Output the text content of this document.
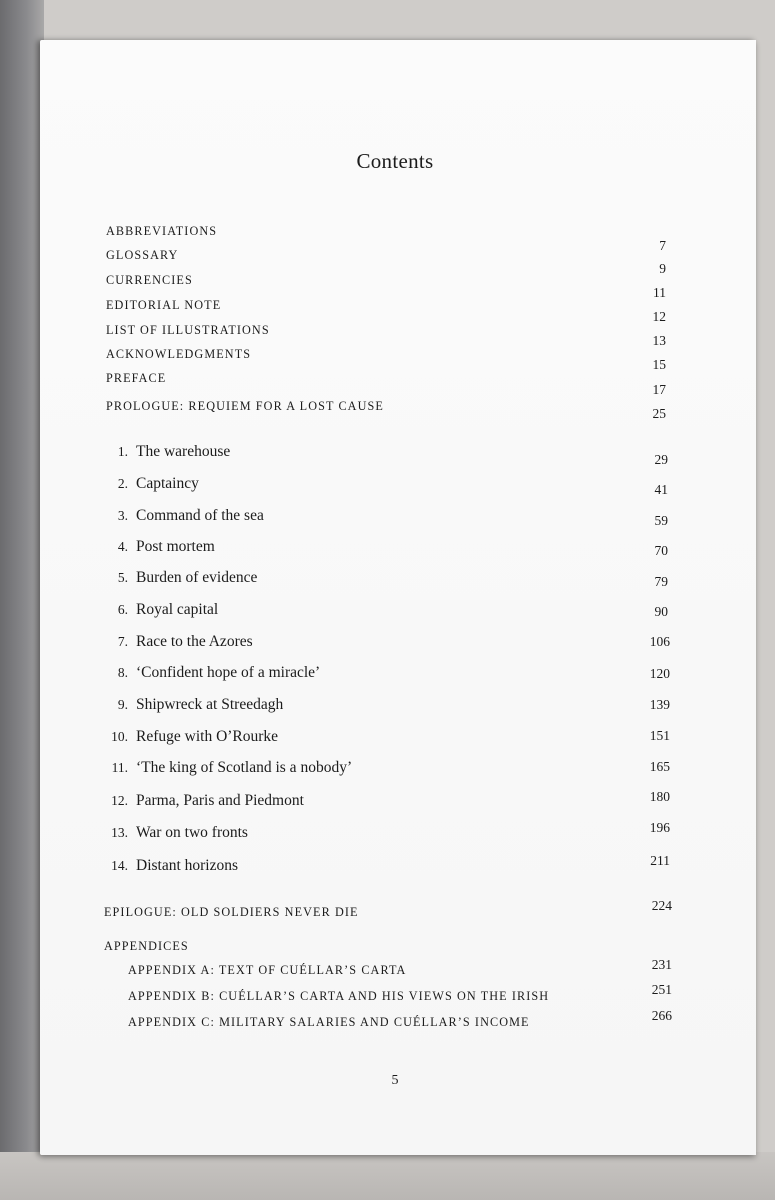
Contents
ABBREVIATIONS
GLOSSARY
CURRENCIES
EDITORIAL NOTE
LIST OF ILLUSTRATIONS
ACKNOWLEDGMENTS
PREFACE
PROLOGUE: REQUIEM FOR A LOST CAUSE
7
9
11
12
13
15
17
25
1. The warehouse
2. Captaincy
3. Command of the sea
4. Post mortem
5. Burden of evidence
6. Royal capital
7. Race to the Azores
8. ‘Confident hope of a miracle’
9. Shipwreck at Streedagh
10. Refuge with O’Rourke
11. ‘The king of Scotland is a nobody’
12. Parma, Paris and Piedmont
13. War on two fronts
14. Distant horizons
29
41
59
70
79
90
106
120
139
151
165
180
196
211
EPILOGUE: OLD SOLDIERS NEVER DIE	224
APPENDICES
APPENDIX A: TEXT OF CUÉLLAR’S CARTA
APPENDIX B: CUÉLLAR’S CARTA AND HIS VIEWS ON THE IRISH
APPENDIX C: MILITARY SALARIES AND CUÉLLAR’S INCOME
231
251
266
5
